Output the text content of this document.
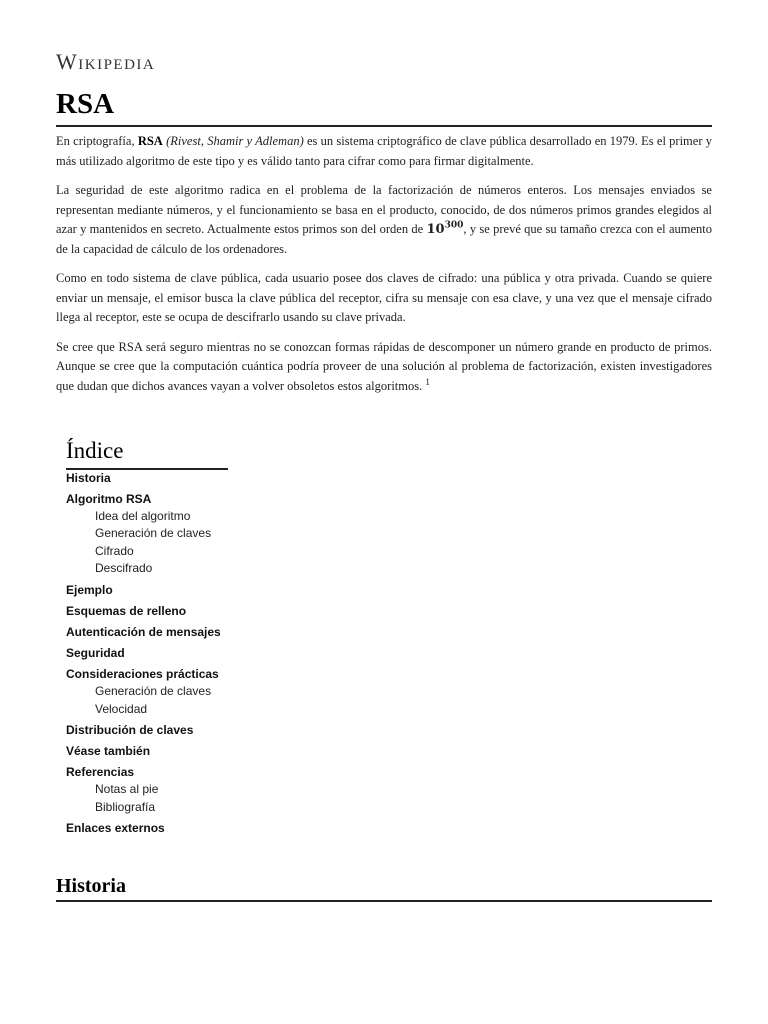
Wikipedia
RSA

En criptografía, RSA (Rivest, Shamir y Adleman) es un sistema criptográfico de clave pública desarrollado en 1979. Es el primer y más utilizado algoritmo de este tipo y es válido tanto para cifrar como para firmar digitalmente.

La seguridad de este algoritmo radica en el problema de la factorización de números enteros. Los mensajes enviados se representan mediante números, y el funcionamiento se basa en el producto, conocido, de dos números primos grandes elegidos al azar y mantenidos en secreto. Actualmente estos primos son del orden de $10^{300}$, y se prevé que su tamaño crezca con el aumento de la capacidad de cálculo de los ordenadores.

Como en todo sistema de clave pública, cada usuario posee dos claves de cifrado: una pública y otra privada. Cuando se quiere enviar un mensaje, el emisor busca la clave pública del receptor, cifra su mensaje con esa clave, y una vez que el mensaje cifrado llega al receptor, este se ocupa de descifrarlo usando su clave privada.

Se cree que RSA será seguro mientras no se conozcan formas rápidas de descomponer un número grande en producto de primos. Aunque se cree que la computación cuántica podría proveer de una solución al problema de factorización, existen investigadores que dudan que dichos avances vayan a volver obsoletos estos algoritmos. $^1$

Índice
Historia
Algoritmo RSA
Idea del algoritmo
Generación de claves
Cifrado
Descifrado
Ejemplo
Esquemas de relleno
Autenticación de mensajes
Seguridad
Consideraciones prácticas
Generación de claves
Velocidad
Distribución de claves
Véase también
Referencias
Notas al pie
Bibliografía
Enlaces externos
Historia
